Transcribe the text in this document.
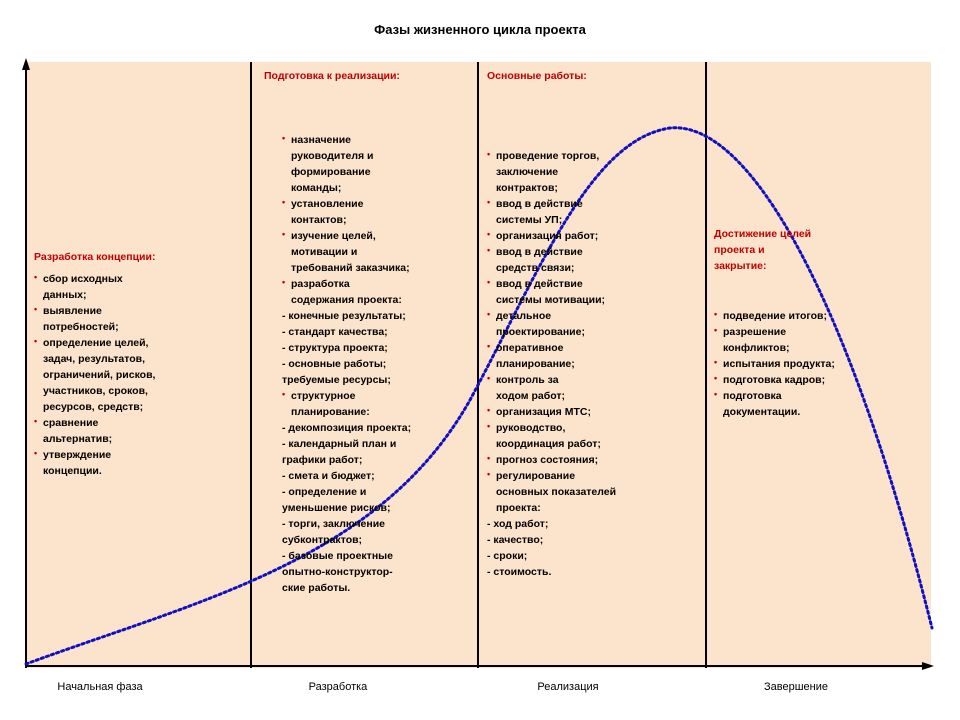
Фазы жизненного цикла проекта
Разработка концепции:
• сбор исходных
данных;
• выявление
потребностей;
• определение целей,
задач, результатов,
ограничений, рисков,
участников, сроков,
ресурсов, средств;
• сравнение
альтернатив;
• утверждение
концепции.
Подготовка к реализации:
• назначение
руководителя и
формирование
команды;
• установление
контактов;
• изучение целей,
мотивации и
требований заказчика;
• разработка
содержания проекта:
- конечные результаты;
- стандарт качества;
- структура проекта;
- основные работы;
требуемые ресурсы;
• структурное
планирование:
- декомпозиция проекта;
- календарный план и
графики работ;
- смета и бюджет;
- определение и
уменьшение рисков;
- торги, заключение
субконтрактов;
- базовые проектные
опытно-конструктор-
ские работы.
Основные работы:
• проведение торгов,
заключение
контрактов;
• ввод в действие
системы УП;
• организация работ;
• ввод в действие
средств связи;
• ввод в действие
системы мотивации;
• детальное
проектирование;
• оперативное
планирование;
• контроль за
ходом работ;
• организация МТС;
• руководство,
координация работ;
• прогноз состояния;
• регулирование
основных показателей
проекта:
- ход работ;
- качество;
- сроки;
- стоимость.
Достижение целей
проекта и
закрытие:
• подведение итогов;
• разрешение
конфликтов;
• испытания продукта;
• подготовка кадров;
• подготовка
документации.
Начальная фаза	Разработка	Реализация	Завершение
